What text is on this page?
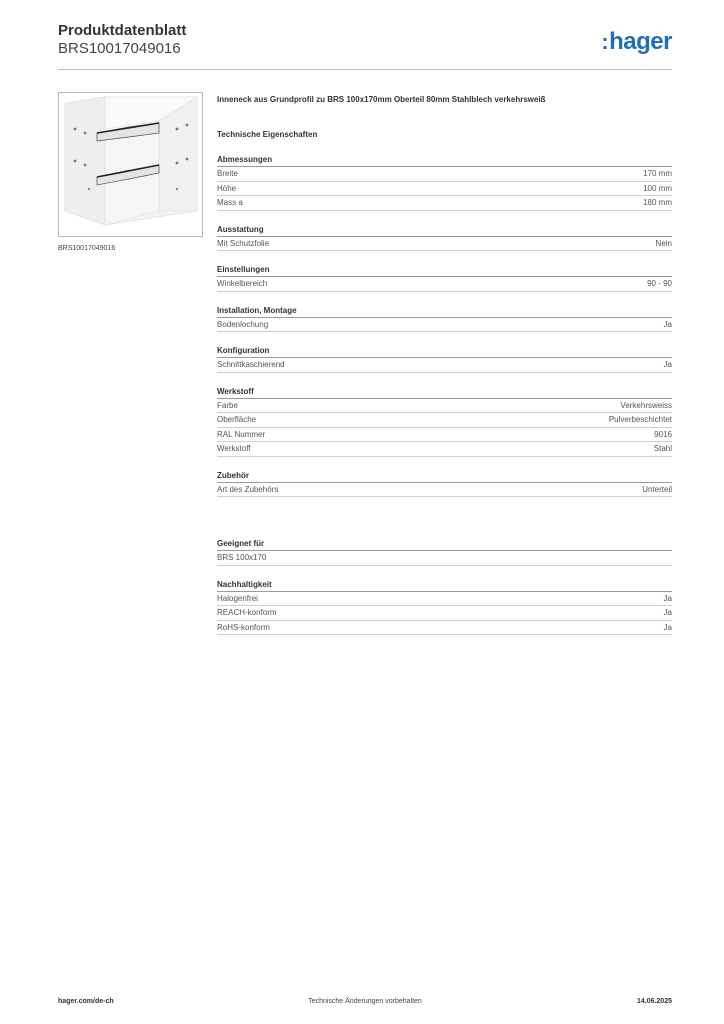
Produktdatenblatt
BRS10017049016	:hager
BRS10017049016
Inneneck aus Grundprofil zu BRS 100x170mm Oberteil 80mm Stahlblech verkehrsweiß
Technische Eigenschaften
Abmessungen
Breite	170 mm
Höhe	100 mm
Mass a	180 mm
Ausstattung
Mit Schutzfolie	Nein
Einstellungen
Winkelbereich	90 - 90
Installation, Montage
Bodenlochung	Ja
Konfiguration
Schnittkaschierend	Ja
Werkstoff
Farbe	Verkehrsweiss
Oberfläche	Pulverbeschichtet
RAL Nummer	9016
Werkstoff	Stahl
Zubehör
Art des Zubehörs	Unterteil
Geeignet für
BRS 100x170
Nachhaltigkeit
Halogenfrei	Ja
REACH-konform	Ja
RoHS-konform	Ja
hager.com/de-ch	Technische Änderungen vorbehalten	14.06.2025
